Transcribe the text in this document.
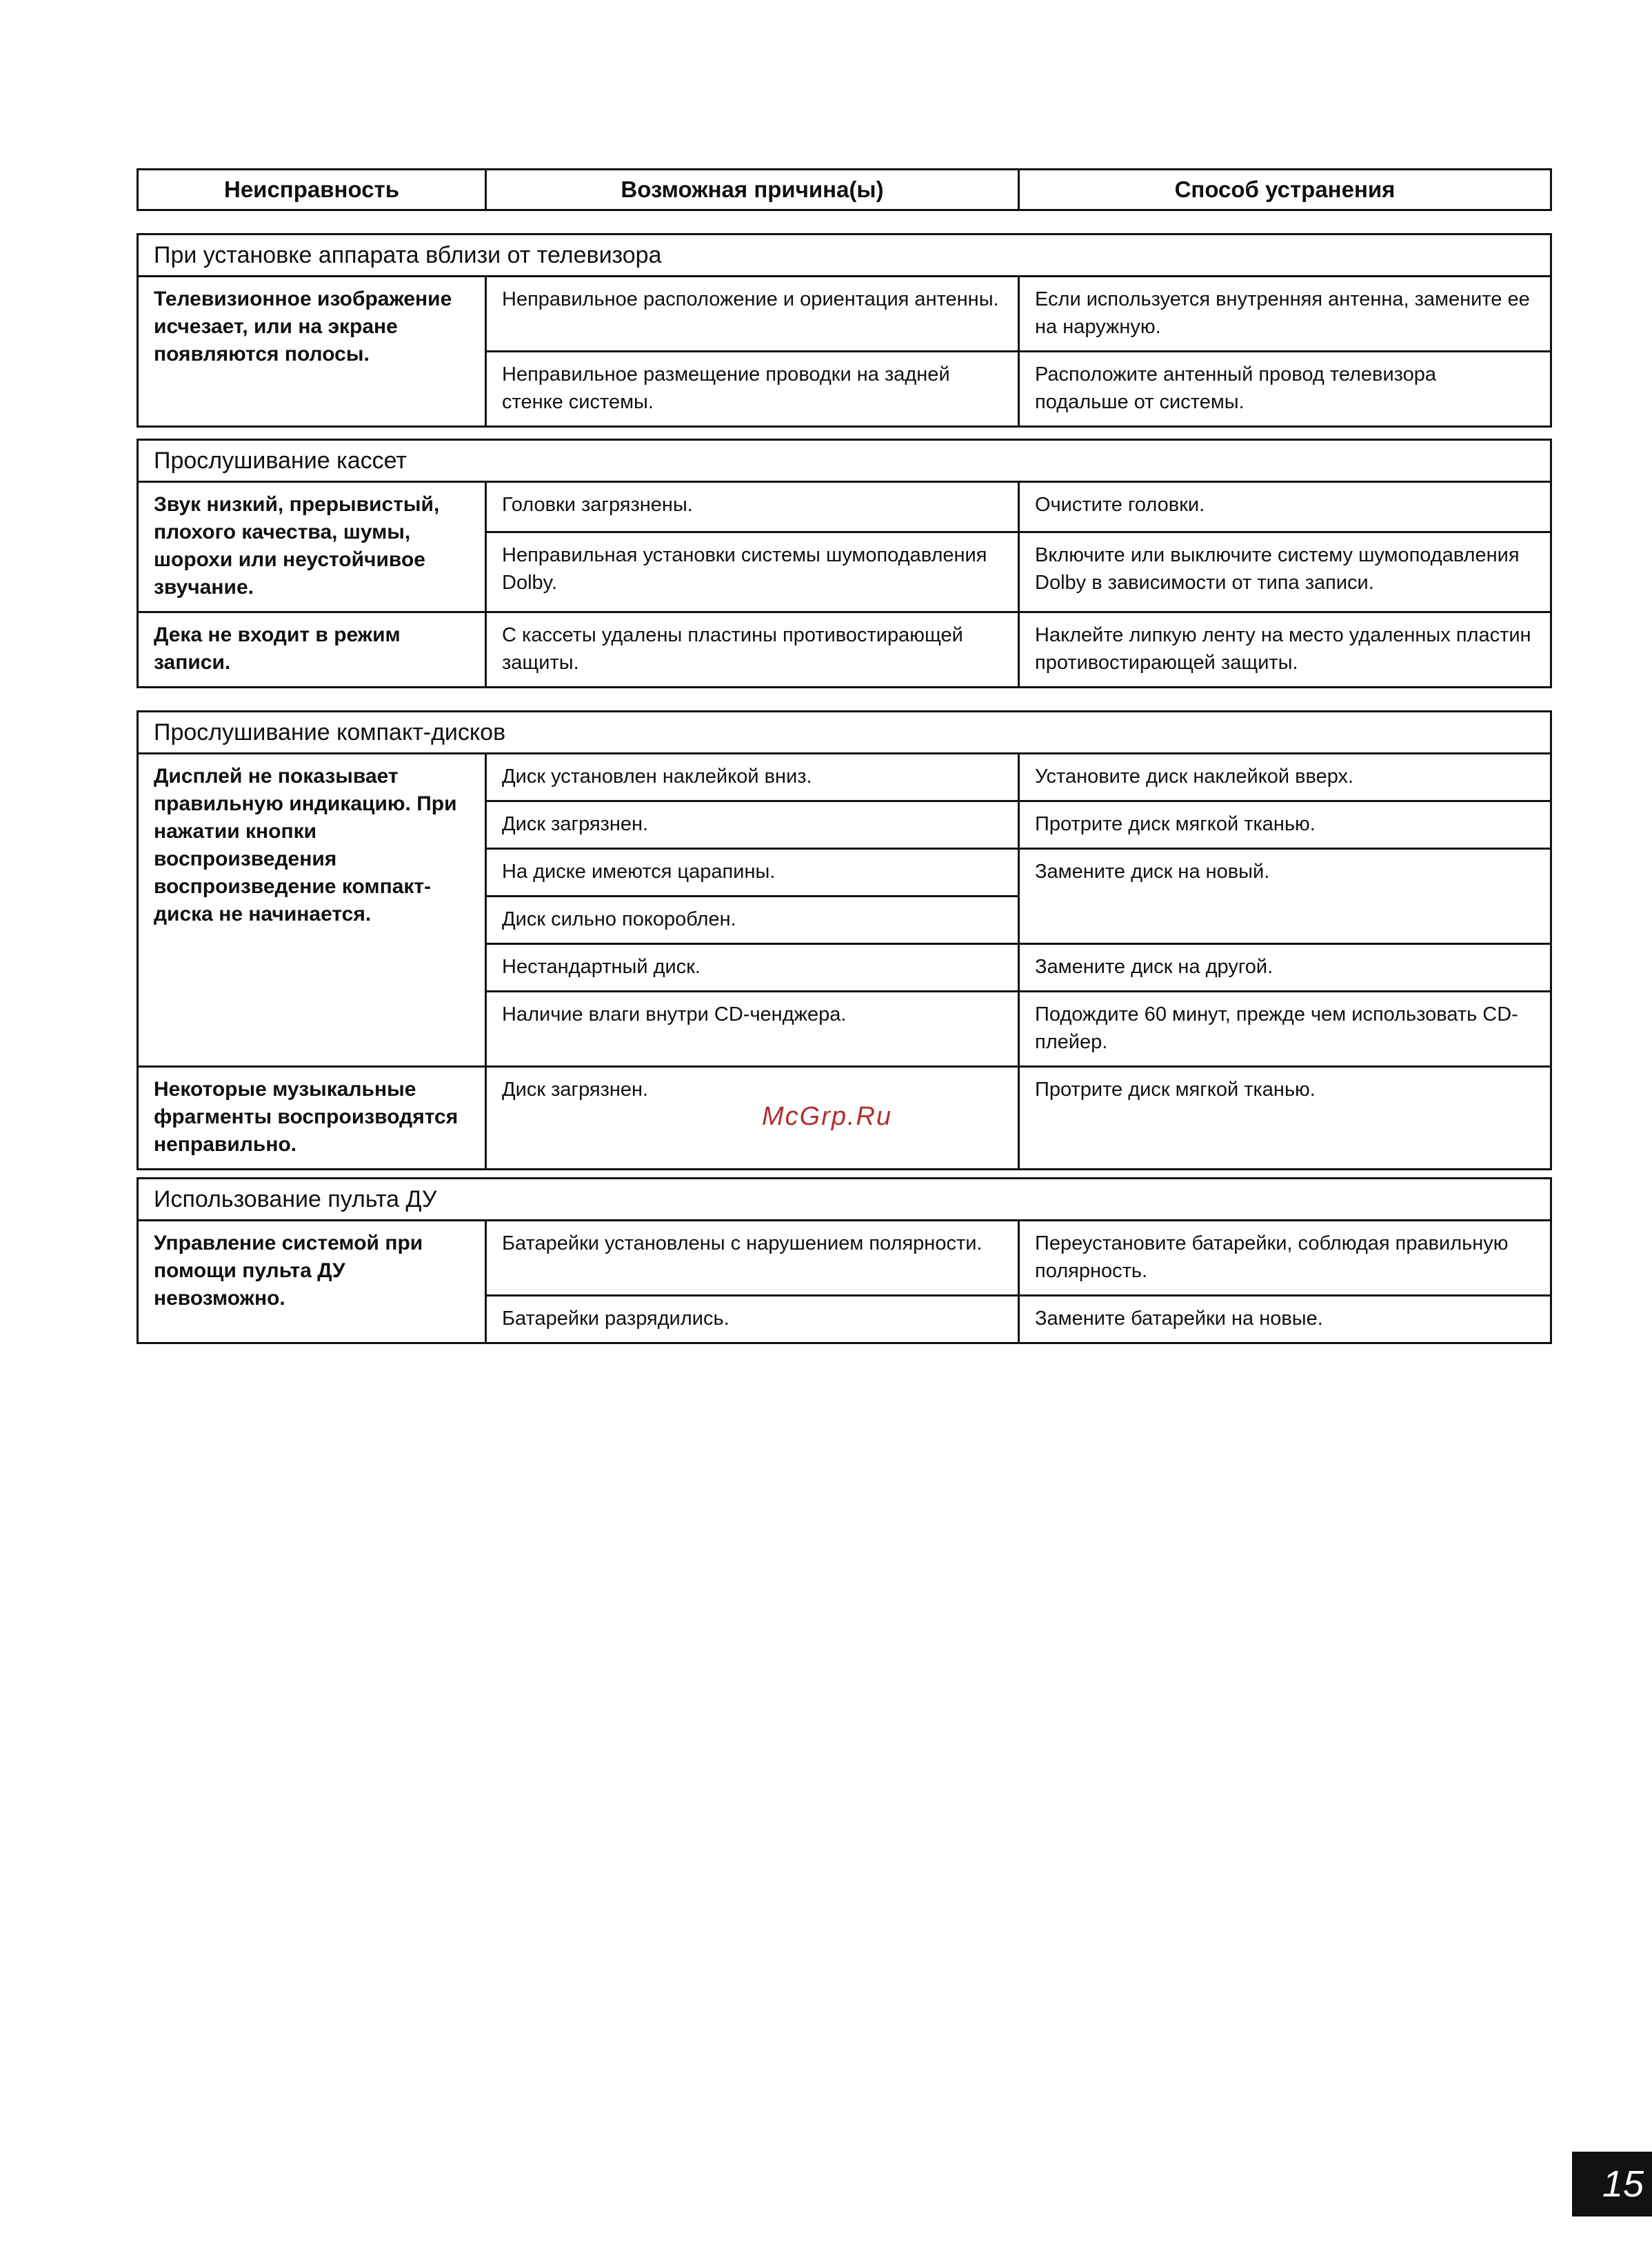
Неисправность	Возможная причина(ы)	Способ устранения
При установке аппарата вблизи от телевизора		
Телевизионное изображение исчезает, или на экране появляются полосы.	Неправильное расположение и ориентация антенны.	Если используется внутренняя антенна, замените ее на наружную.
	Неправильное размещение проводки на задней стенке системы.	Расположите антенный провод телевизора подальше от системы.
Прослушивание кассет		
Звук низкий, прерывистый, плохого качества, шумы, шорохи или неустойчивое звучание.	Головки загрязнены.	Очистите головки.
	Неправильная установки системы шумоподавления Dolby.	Включите или выключите систему шумоподавления Dolby в зависимости от типа записи.
Дека не входит в режим записи.	С кассеты удалены пластины противостирающей защиты.	Наклейте липкую ленту на место удаленных пластин противостирающей защиты.
Прослушивание компакт-дисков		
Дисплей не показывает правильную индикацию. При нажатии кнопки воспроизведения воспроизведение компакт-диска не начинается.	Диск установлен наклейкой вниз.	Установите диск наклейкой вверх.
	Диск загрязнен.	Протрите диск мягкой тканью.
	На диске имеются царапины.	Замените диск на новый.
	Диск сильно покороблен.	
	Нестандартный диск.	Замените диск на другой.
	Наличие влаги внутри CD-ченджера.	Подождите 60 минут, прежде чем использовать CD-плейер.
Некоторые музыкальные фрагменты воспроизводятся неправильно.	Диск загрязнен.	Протрите диск мягкой тканью.
Использование пульта ДУ		
Управление системой при помощи пульта ДУ невозможно.	Батарейки установлены с нарушением полярности.	Переустановите батарейки, соблюдая правильную полярность.
	Батарейки разрядились.	Замените батарейки на новые.
McGrp.Ru
15
